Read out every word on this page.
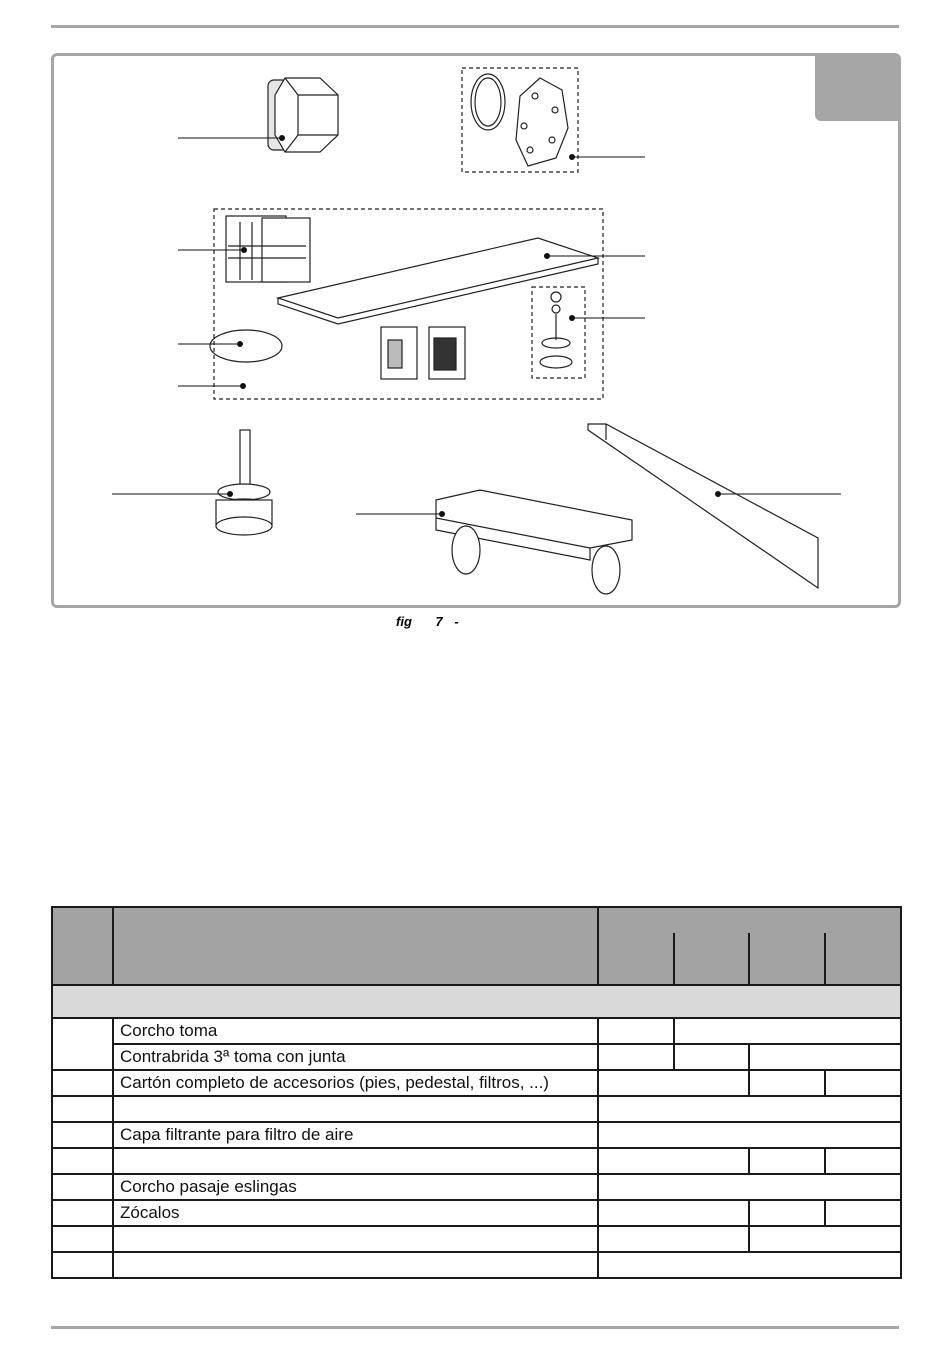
fig 7 -

	Corcho toma				
	Contrabrida 3ª toma con junta				
	Cartón completo de accesorios (pies, pedestal, filtros, ...)				

	Capa filtrante para filtro de aire				

	Corcho pasaje eslingas				
	Zócalos				
